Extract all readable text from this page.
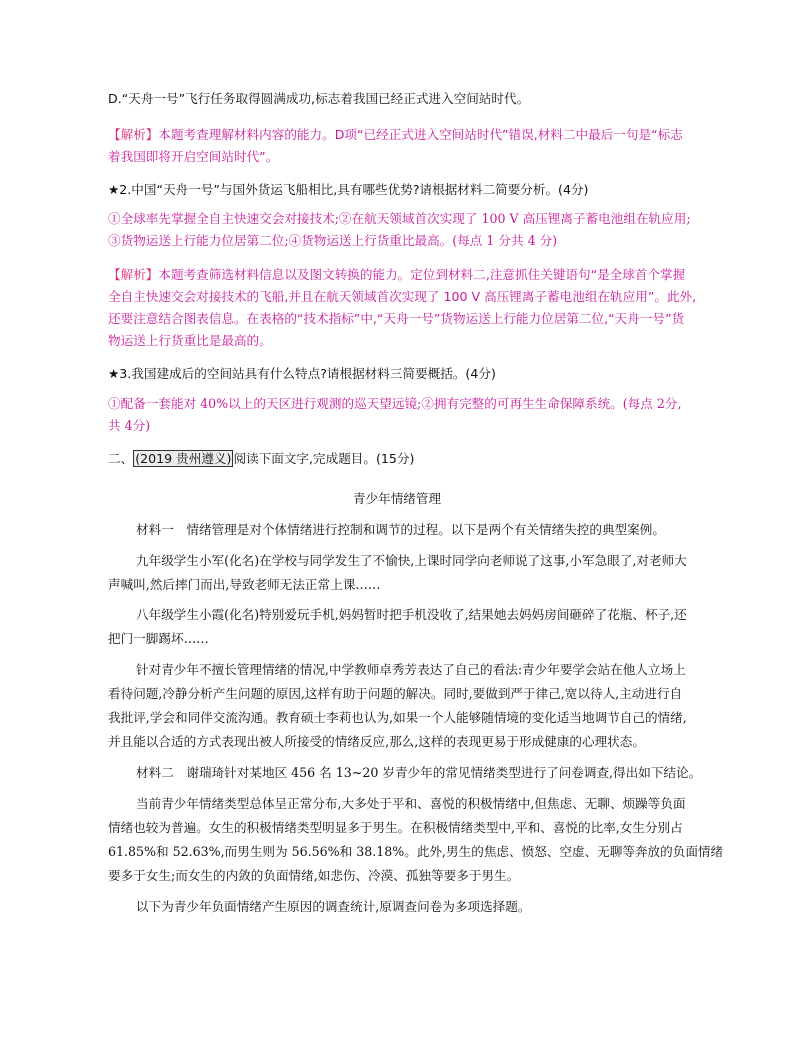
D.“天舟一号”飞行任务取得圆满成功,标志着我国已经正式进入空间站时代。

【解析】本题考查理解材料内容的能力。D项“已经正式进入空间站时代”错误,材料二中最后一句是“标志

着我国即将开启空间站时代”。

★2.中国“天舟一号”与国外货运飞船相比,具有哪些优势?请根据材料二简要分析。(4分)

①全球率先掌握全自主快速交会对接技术;②在航天领域首次实现了 100 V 高压锂离子蓄电池组在轨应用;

③货物运送上行能力位居第二位;④货物运送上行货重比最高。(每点 1 分共 4 分)

【解析】本题考查筛选材料信息以及图文转换的能力。定位到材料二,注意抓住关键语句“是全球首个掌握

全自主快速交会对接技术的飞船,并且在航天领域首次实现了 100 V 高压锂离子蓄电池组在轨应用”。此外,

还要注意结合图表信息。在表格的“技术指标”中,“天舟一号”货物运送上行能力位居第二位,“天舟一号”货

物运送上行货重比是最高的。

★3.我国建成后的空间站具有什么特点?请根据材料三简要概括。(4分)

①配备一套能对 40%以上的天区进行观测的巡天望远镜;②拥有完整的可再生生命保障系统。(每点 2分,

共 4分)

二、 (2019 贵州遵义) 阅读下面文字,完成题目。(15分)

青少年情绪管理

材料一　情绪管理是对个体情绪进行控制和调节的过程。以下是两个有关情绪失控的典型案例。

九年级学生小军(化名)在学校与同学发生了不愉快,上课时同学向老师说了这事,小军急眼了,对老师大

声喊叫,然后摔门而出,导致老师无法正常上课……

八年级学生小霞(化名)特别爱玩手机,妈妈暂时把手机没收了,结果她去妈妈房间砸碎了花瓶、杯子,还

把门一脚踢坏……

针对青少年不擅长管理情绪的情况,中学教师卓秀芳表达了自己的看法:青少年要学会站在他人立场上

看待问题,冷静分析产生问题的原因,这样有助于问题的解决。同时,要做到严于律己,宽以待人,主动进行自

我批评,学会和同伴交流沟通。教育硕士李莉也认为,如果一个人能够随情境的变化适当地调节自己的情绪,

并且能以合适的方式表现出被人所接受的情绪反应,那么,这样的表现更易于形成健康的心理状态。

材料二　谢瑞琦针对某地区 456 名 13~20 岁青少年的常见情绪类型进行了问卷调查,得出如下结论。

当前青少年情绪类型总体呈正常分布,大多处于平和、喜悦的积极情绪中,但焦虑、无聊、烦躁等负面

情绪也较为普遍。女生的积极情绪类型明显多于男生。在积极情绪类型中,平和、喜悦的比率,女生分别占

61.85%和 52.63%,而男生则为 56.56%和 38.18%。此外,男生的焦虑、愤怒、空虚、无聊等奔放的负面情绪

要多于女生;而女生的内敛的负面情绪,如悲伤、冷漠、孤独等要多于男生。

以下为青少年负面情绪产生原因的调查统计,原调查问卷为多项选择题。
